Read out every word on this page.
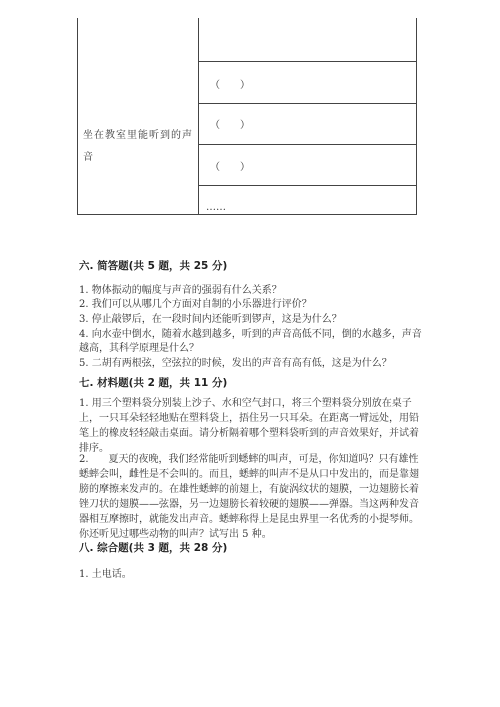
坐在教室里能听到的声音
（　　）
（　　）
（　　）
……
六. 简答题(共 5 题，共 25 分)
1. 物体振动的幅度与声音的强弱有什么关系？
2. 我们可以从哪几个方面对自制的小乐器进行评价？
3. 停止敲锣后，在一段时间内还能听到锣声，这是为什么？
4. 向水壶中倒水，随着水越到越多，听到的声音高低不同，倒的水越多，声音
越高，其科学原理是什么？
5. 二胡有两根弦，空弦拉的时候，发出的声音有高有低，这是为什么？
七. 材料题(共 2 题，共 11 分)
1. 用三个塑料袋分别装上沙子、水和空气封口，将三个塑料袋分别放在桌子上，一只耳朵轻轻地贴在塑料袋上，捂住另一只耳朵。在距离一臂远处，用铅笔上的橡皮轻轻敲击桌面。请分析隔着哪个塑料袋听到的声音效果好，并试着排序。
2.　　夏天的夜晚，我们经常能听到蟋蟀的叫声，可是，你知道吗？只有雄性蟋蟀会叫，雌性是不会叫的。而且，蟋蟀的叫声不是从口中发出的，而是靠翅膀的摩擦来发声的。在雄性蟋蟀的前翅上，有旋涡纹状的翅膜，一边翅膀长着锉刀状的翅膜——弦器，另一边翅膀长着较硬的翅膜——弹器。当这两种发音器相互摩擦时，就能发出声音。蟋蟀称得上是昆虫界里一名优秀的小提琴师。你还听见过哪些动物的叫声？试写出 5 种。
八. 综合题(共 3 题，共 28 分)
1. 土电话。
